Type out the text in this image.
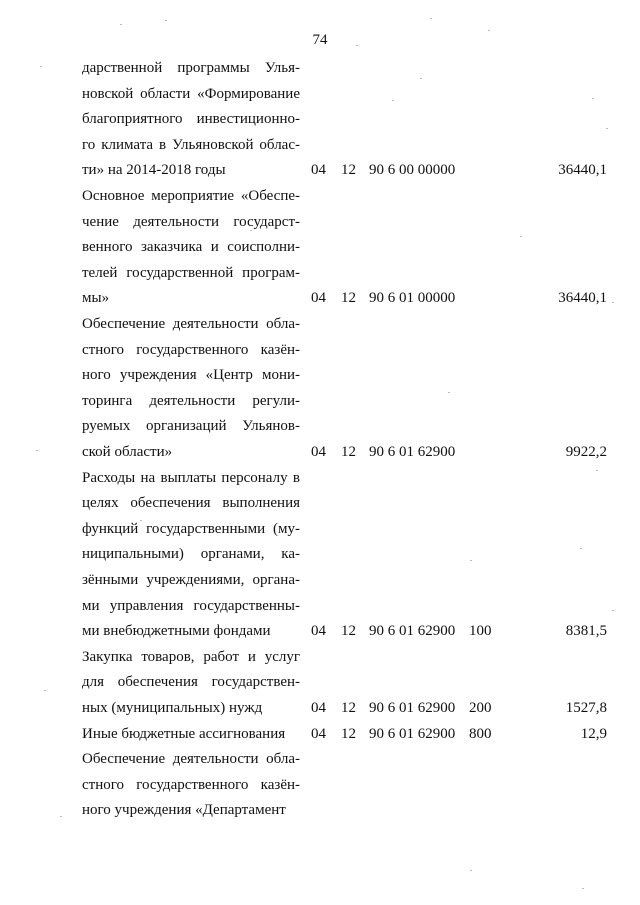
74
дарственной программы Улья-
новской области «Формирование
благоприятного инвестиционно-
го климата в Ульяновской облас-
ти» на 2014-2018 годы	04 12 90 6 00 00000	36440,1
Основное мероприятие «Обеспе-
чение деятельности государст-
венного заказчика и соисполни-
телей государственной програм-
мы»	04 12 90 6 01 00000	36440,1
Обеспечение деятельности обла-
стного государственного казён-
ного учреждения «Центр мони-
торинга деятельности регули-
руемых организаций Ульянов-
ской области»	04 12 90 6 01 62900	9922,2
Расходы на выплаты персоналу в
целях обеспечения выполнения
функций государственными (му-
ниципальными) органами, ка-
зёнными учреждениями, органа-
ми управления государственны-
ми внебюджетными фондами	04 12 90 6 01 62900 100	8381,5
Закупка товаров, работ и услуг
для обеспечения государствен-
ных (муниципальных) нужд	04 12 90 6 01 62900 200	1527,8
Иные бюджетные ассигнования	04 12 90 6 01 62900 800	12,9
Обеспечение деятельности обла-
стного государственного казён-
ного учреждения «Департамент
